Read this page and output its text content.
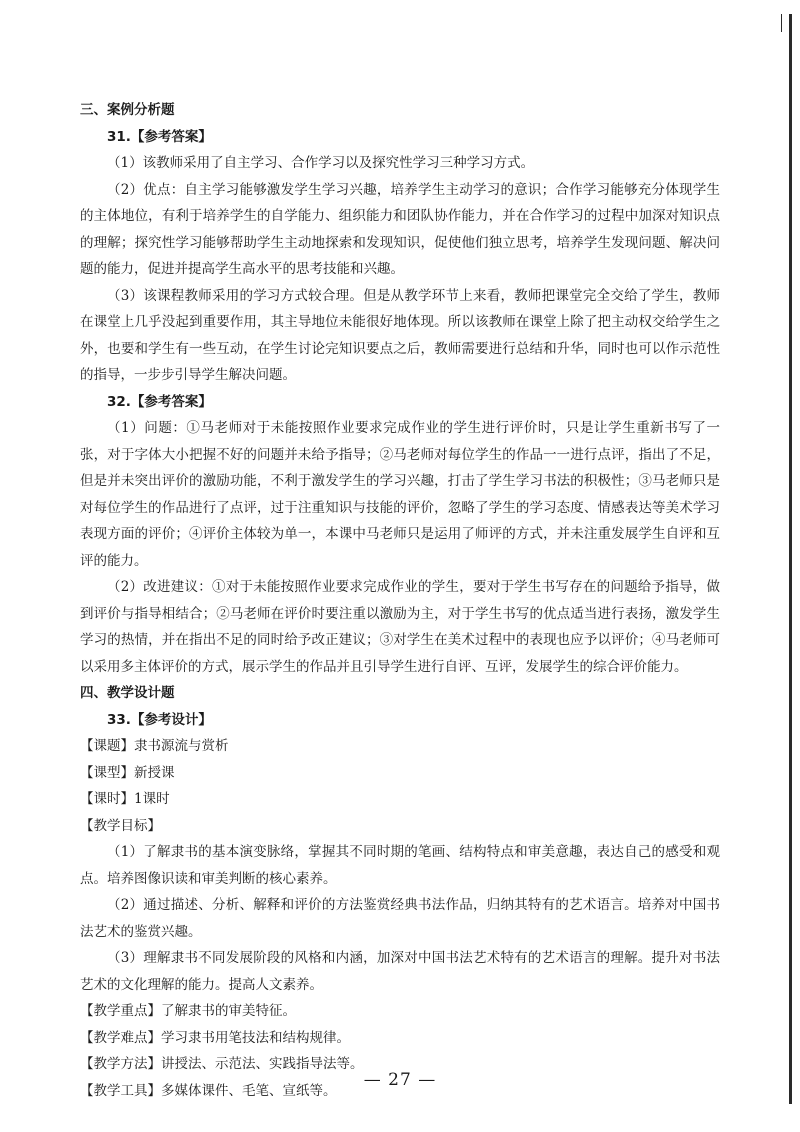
三、案例分析题

31.【参考答案】

（1）该教师采用了自主学习、合作学习以及探究性学习三种学习方式。

（2）优点：自主学习能够激发学生学习兴趣，培养学生主动学习的意识；合作学习能够充分体现学生的主体地位，有利于培养学生的自学能力、组织能力和团队协作能力，并在合作学习的过程中加深对知识点的理解；探究性学习能够帮助学生主动地探索和发现知识，促使他们独立思考，培养学生发现问题、解决问题的能力，促进并提高学生高水平的思考技能和兴趣。

（3）该课程教师采用的学习方式较合理。但是从教学环节上来看，教师把课堂完全交给了学生，教师在课堂上几乎没起到重要作用，其主导地位未能很好地体现。所以该教师在课堂上除了把主动权交给学生之外，也要和学生有一些互动，在学生讨论完知识要点之后，教师需要进行总结和升华，同时也可以作示范性的指导，一步步引导学生解决问题。

32.【参考答案】

（1）问题：①马老师对于未能按照作业要求完成作业的学生进行评价时，只是让学生重新书写了一张，对于字体大小把握不好的问题并未给予指导；②马老师对每位学生的作品一一进行点评，指出了不足，但是并未突出评价的激励功能，不利于激发学生的学习兴趣，打击了学生学习书法的积极性；③马老师只是对每位学生的作品进行了点评，过于注重知识与技能的评价，忽略了学生的学习态度、情感表达等美术学习表现方面的评价；④评价主体较为单一，本课中马老师只是运用了师评的方式，并未注重发展学生自评和互评的能力。

（2）改进建议：①对于未能按照作业要求完成作业的学生，要对于学生书写存在的问题给予指导，做到评价与指导相结合；②马老师在评价时要注重以激励为主，对于学生书写的优点适当进行表扬，激发学生学习的热情，并在指出不足的同时给予改正建议；③对学生在美术过程中的表现也应予以评价；④马老师可以采用多主体评价的方式，展示学生的作品并且引导学生进行自评、互评，发展学生的综合评价能力。

四、教学设计题

33.【参考设计】

【课题】隶书源流与赏析

【课型】新授课

【课时】1课时

【教学目标】

（1）了解隶书的基本演变脉络，掌握其不同时期的笔画、结构特点和审美意趣，表达自己的感受和观点。培养图像识读和审美判断的核心素养。

（2）通过描述、分析、解释和评价的方法鉴赏经典书法作品，归纳其特有的艺术语言。培养对中国书法艺术的鉴赏兴趣。

（3）理解隶书不同发展阶段的风格和内涵，加深对中国书法艺术特有的艺术语言的理解。提升对书法艺术的文化理解的能力。提高人文素养。

【教学重点】了解隶书的审美特征。

【教学难点】学习隶书用笔技法和结构规律。

【教学方法】讲授法、示范法、实践指导法等。

【教学工具】多媒体课件、毛笔、宣纸等。

— 27 —
